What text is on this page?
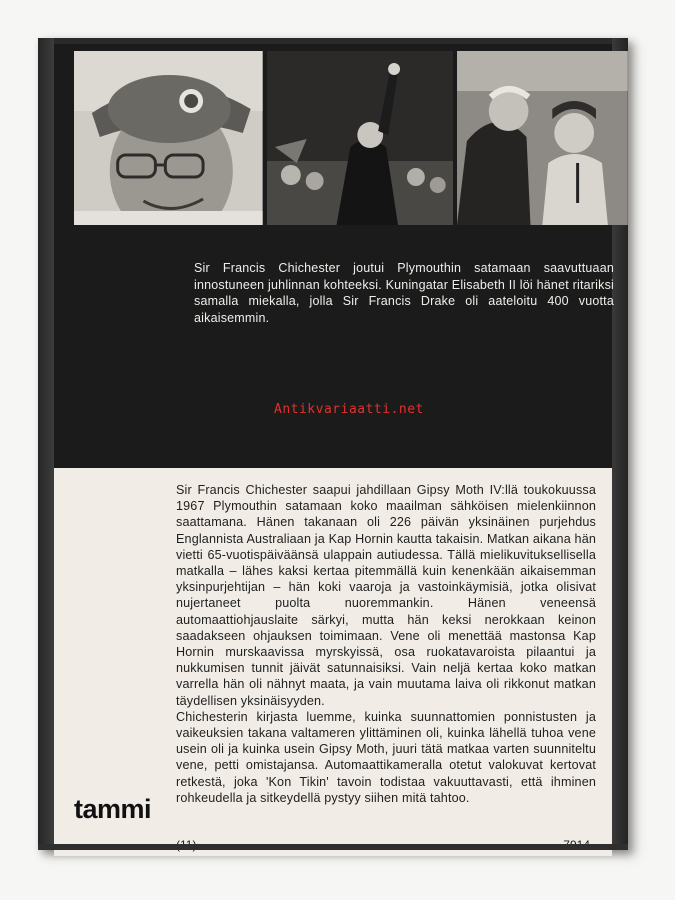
Sir Francis Chichester joutui Plymouthin satamaan saavuttuaan innostuneen juhlinnan kohteeksi. Kuningatar Elisabeth II löi hänet ritariksi samalla miekalla, jolla Sir Francis Drake oli aateloitu 400 vuotta aikaisemmin.
Antikvariaatti.net

Sir Francis Chichester saapui jahdillaan Gipsy Moth IV:llä toukokuussa 1967 Plymouthin satamaan koko maailman sähköisen mielenkiinnon saattamana. Hänen takanaan oli 226 päivän yksinäinen purjehdus Englannista Australiaan ja Kap Hornin kautta takaisin. Matkan aikana hän vietti 65-vuotispäiväänsä ulappain autiudessa. Tällä mielikuvituksellisella matkalla – lähes kaksi kertaa pitemmällä kuin kenenkään aikaisemman yksinpurjehtijan – hän koki vaaroja ja vastoinkäymisiä, jotka olisivat nujertaneet puolta nuoremmankin. Hänen veneensä automaattiohjauslaite särkyi, mutta hän keksi nerokkaan keinon saadakseen ohjauksen toimimaan. Vene oli menettää mastonsa Kap Hornin murskaavissa myrskyissä, osa ruokatavaroista pilaantui ja nukkumisen tunnit jäivät satunnaisiksi. Vain neljä kertaa koko matkan varrella hän oli nähnyt maata, ja vain muutama laiva oli rikkonut matkan täydellisen yksinäisyyden.

Chichesterin kirjasta luemme, kuinka suunnattomien ponnistusten ja vaikeuksien takana valtameren ylittäminen oli, kuinka lähellä tuhoa vene usein oli ja kuinka usein Gipsy Moth, juuri tätä matkaa varten suunniteltu vene, petti omistajansa. Automaattikameralla otetut valokuvat kertovat retkestä, joka 'Kon Tikin' tavoin todistaa vakuuttavasti, että ihminen rohkeudella ja sitkeydellä pystyy siihen mitä tahtoo.

tammi
